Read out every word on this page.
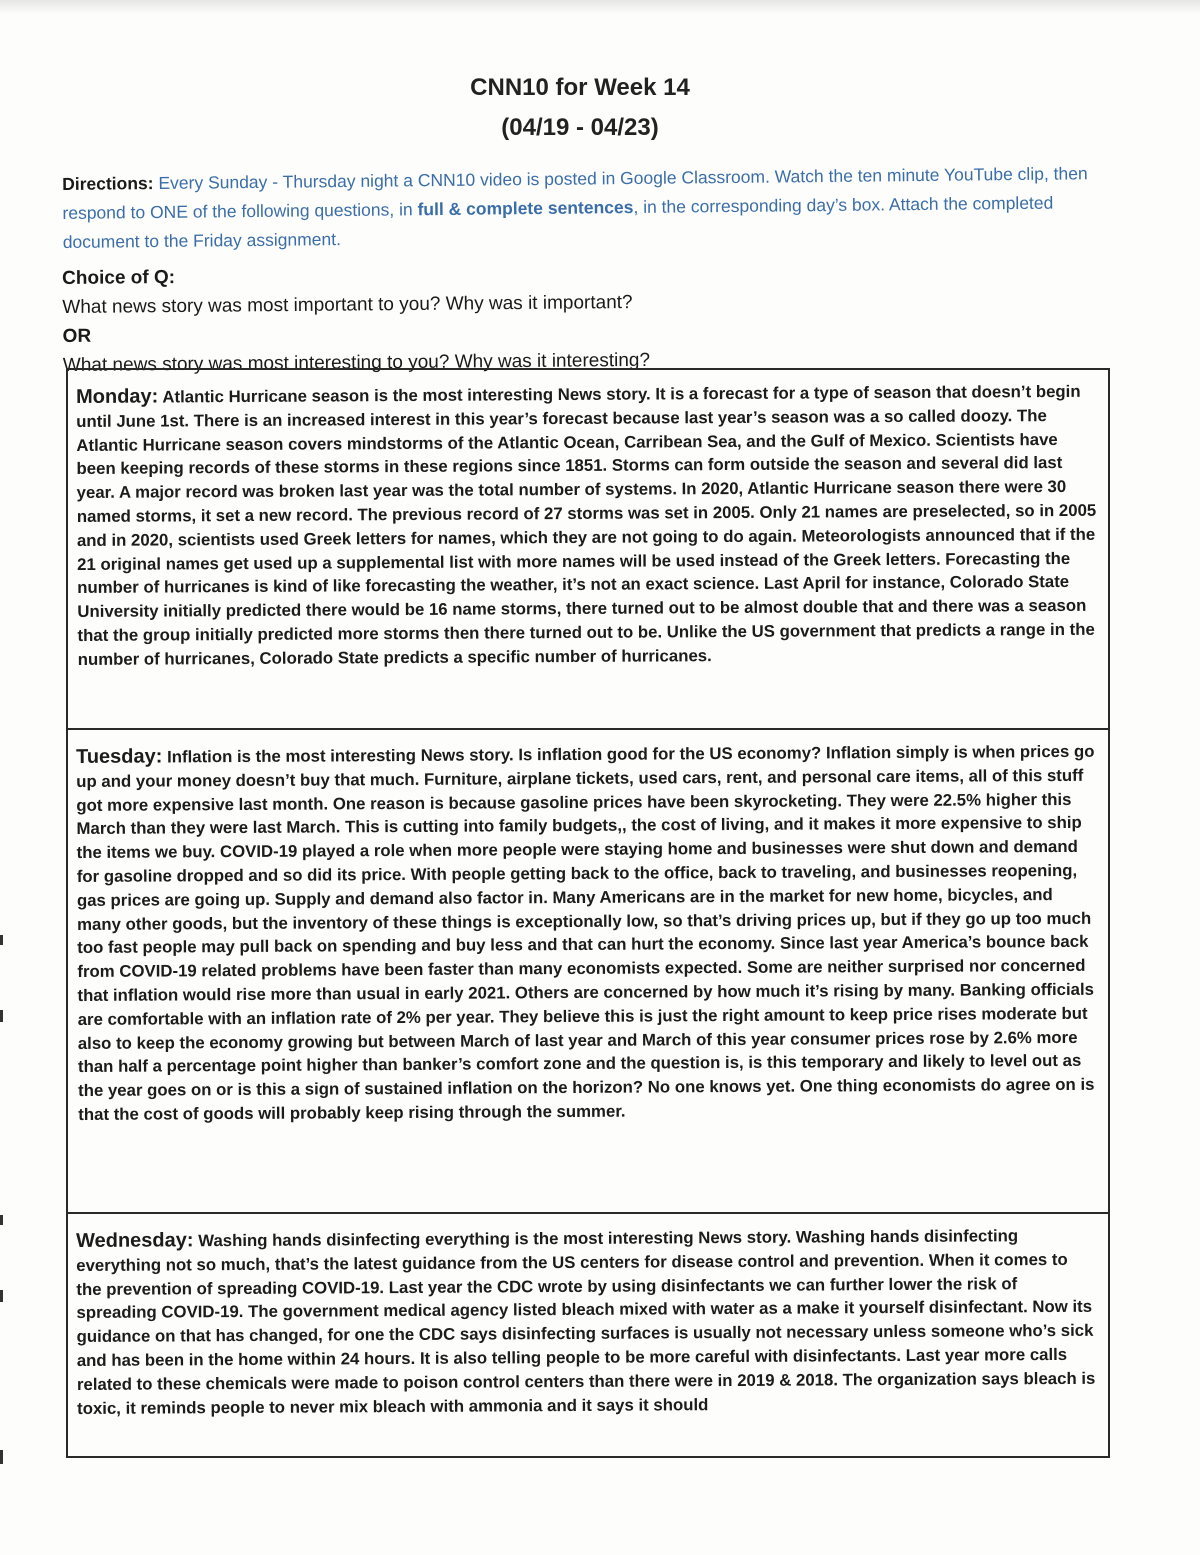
CNN10 for Week 14
(04/19 - 04/23)
Directions: Every Sunday - Thursday night a CNN10 video is posted in Google Classroom. Watch the ten minute YouTube clip, then respond to ONE of the following questions, in full & complete sentences, in the corresponding day’s box. Attach the completed document to the Friday assignment.
Choice of Q:
What news story was most important to you? Why was it important?
OR
What news story was most interesting to you? Why was it interesting?
Monday: Atlantic Hurricane season is the most interesting News story. It is a forecast for a type of season that doesn’t begin until June 1st. There is an increased interest in this year’s forecast because last year’s season was a so called doozy. The Atlantic Hurricane season covers mindstorms of the Atlantic Ocean, Carribean Sea, and the Gulf of Mexico. Scientists have been keeping records of these storms in these regions since 1851. Storms can form outside the season and several did last year. A major record was broken last year was the total number of systems. In 2020, Atlantic Hurricane season there were 30 named storms, it set a new record. The previous record of 27 storms was set in 2005. Only 21 names are preselected, so in 2005 and in 2020, scientists used Greek letters for names, which they are not going to do again. Meteorologists announced that if the 21 original names get used up a supplemental list with more names will be used instead of the Greek letters. Forecasting the number of hurricanes is kind of like forecasting the weather, it’s not an exact science. Last April for instance, Colorado State University initially predicted there would be 16 name storms, there turned out to be almost double that and there was a season that the group initially predicted more storms then there turned out to be. Unlike the US government that predicts a range in the number of hurricanes, Colorado State predicts a specific number of hurricanes.
Tuesday: Inflation is the most interesting News story. Is inflation good for the US economy? Inflation simply is when prices go up and your money doesn’t buy that much. Furniture, airplane tickets, used cars, rent, and personal care items, all of this stuff got more expensive last month. One reason is because gasoline prices have been skyrocketing. They were 22.5% higher this March than they were last March. This is cutting into family budgets,, the cost of living, and it makes it more expensive to ship the items we buy. COVID-19 played a role when more people were staying home and businesses were shut down and demand for gasoline dropped and so did its price. With people getting back to the office, back to traveling, and businesses reopening, gas prices are going up. Supply and demand also factor in. Many Americans are in the market for new home, bicycles, and many other goods, but the inventory of these things is exceptionally low, so that’s driving prices up, but if they go up too much too fast people may pull back on spending and buy less and that can hurt the economy. Since last year America’s bounce back from COVID-19 related problems have been faster than many economists expected. Some are neither surprised nor concerned that inflation would rise more than usual in early 2021. Others are concerned by how much it’s rising by many. Banking officials are comfortable with an inflation rate of 2% per year. They believe this is just the right amount to keep price rises moderate but also to keep the economy growing but between March of last year and March of this year consumer prices rose by 2.6% more than half a percentage point higher than banker’s comfort zone and the question is, is this temporary and likely to level out as the year goes on or is this a sign of sustained inflation on the horizon? No one knows yet. One thing economists do agree on is that the cost of goods will probably keep rising through the summer.
Wednesday: Washing hands disinfecting everything is the most interesting News story. Washing hands disinfecting everything not so much, that’s the latest guidance from the US centers for disease control and prevention. When it comes to the prevention of spreading COVID-19. Last year the CDC wrote by using disinfectants we can further lower the risk of spreading COVID-19. The government medical agency listed bleach mixed with water as a make it yourself disinfectant. Now its guidance on that has changed, for one the CDC says disinfecting surfaces is usually not necessary unless someone who’s sick and has been in the home within 24 hours. It is also telling people to be more careful with disinfectants. Last year more calls related to these chemicals were made to poison control centers than there were in 2019 & 2018. The organization says bleach is toxic, it reminds people to never mix bleach with ammonia and it says it should
